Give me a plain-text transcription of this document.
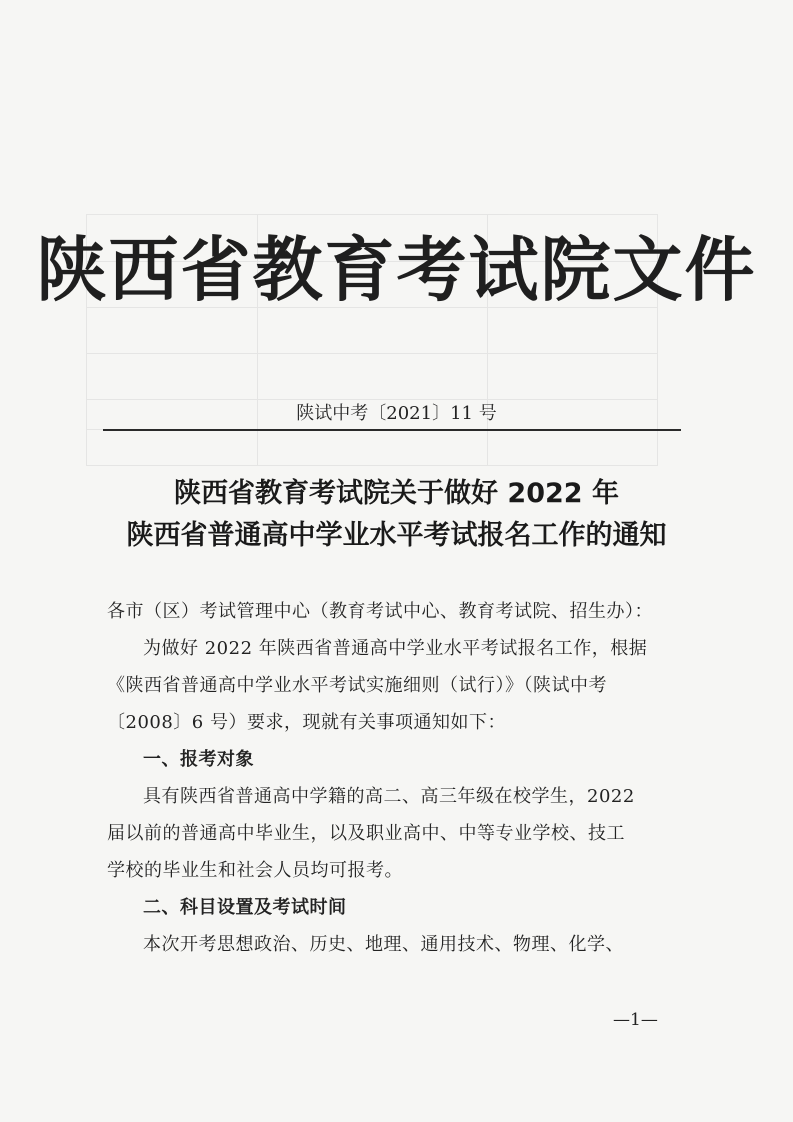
陕西省教育考试院文件
陕试中考〔2021〕11 号
陕西省教育考试院关于做好 2022 年
陕西省普通高中学业水平考试报名工作的通知
各市（区）考试管理中心（教育考试中心、教育考试院、招生办）：
为做好 2022 年陕西省普通高中学业水平考试报名工作，根据
《陕西省普通高中学业水平考试实施细则（试行）》（陕试中考
〔2008〕6 号）要求，现就有关事项通知如下：
一、报考对象
具有陕西省普通高中学籍的高二、高三年级在校学生，2022
届以前的普通高中毕业生，以及职业高中、中等专业学校、技工
学校的毕业生和社会人员均可报考。
二、科目设置及考试时间
本次开考思想政治、历史、地理、通用技术、物理、化学、
—1—
